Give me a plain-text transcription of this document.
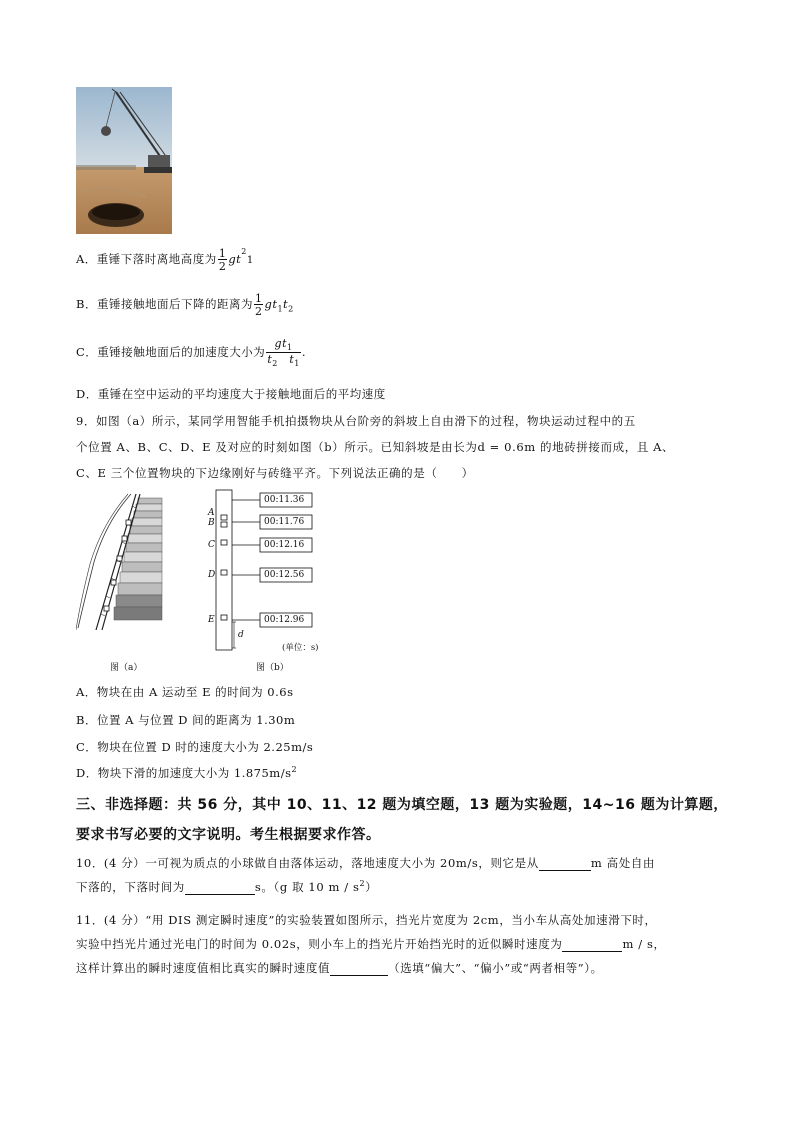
A．重锤下落时离地高度为 $\frac{1}{2} gt^21$
B．重锤接触地面后下降的距离为 $\frac{1}{2} gt_1t_2$
C．重锤接触地面后的加速度大小为 $\frac{gt_1}{t_2 t_1}$ .
D．重锤在空中运动的平均速度大于接触地面后的平均速度
9．如图（a）所示，某同学用智能手机拍摄物块从台阶旁的斜坡上自由滑下的过程，物块运动过程中的五
个位置 A、B、C、D、E 及对应的时刻如图（b）所示。已知斜坡是由长为d = 0.6m 的地砖拼接而成，且 A、
C、E 三个位置物块的下边缘刚好与砖缝平齐。下列说法正确的是（　　）
图（a）
A
B
C
D
E
00:11.36
00:11.76
00:12.16
00:12.56
00:12.96
d
(单位：s)
图（b）
A．物块在由 A 运动至 E 的时间为 0.6s
B．位置 A 与位置 D 间的距离为 1.30m
C．物块在位置 D 时的速度大小为 2.25m/s
D．物块下滑的加速度大小为 $1.875m/s^2$
三、非选择题：共 56 分，其中 10、11、12 题为填空题，13 题为实验题，14~16 题为计算题，
要求书写必要的文字说明。考生根据要求作答。
10．(4 分）一可视为质点的小球做自由落体运动，落地速度大小为 20m/s，则它是从	m 高处自由
下落的，下落时间为	s。（g 取 10 m / $s^2$）
11．(4 分）“用 DIS 测定瞬时速度”的实验装置如图所示，挡光片宽度为 2cm，当小车从高处加速滑下时，
实验中挡光片通过光电门的时间为 0.02s，则小车上的挡光片开始挡光时的近似瞬时速度为	m / s，
这样计算出的瞬时速度值相比真实的瞬时速度值	（选填“偏大”、“偏小”或“两者相等”）。
